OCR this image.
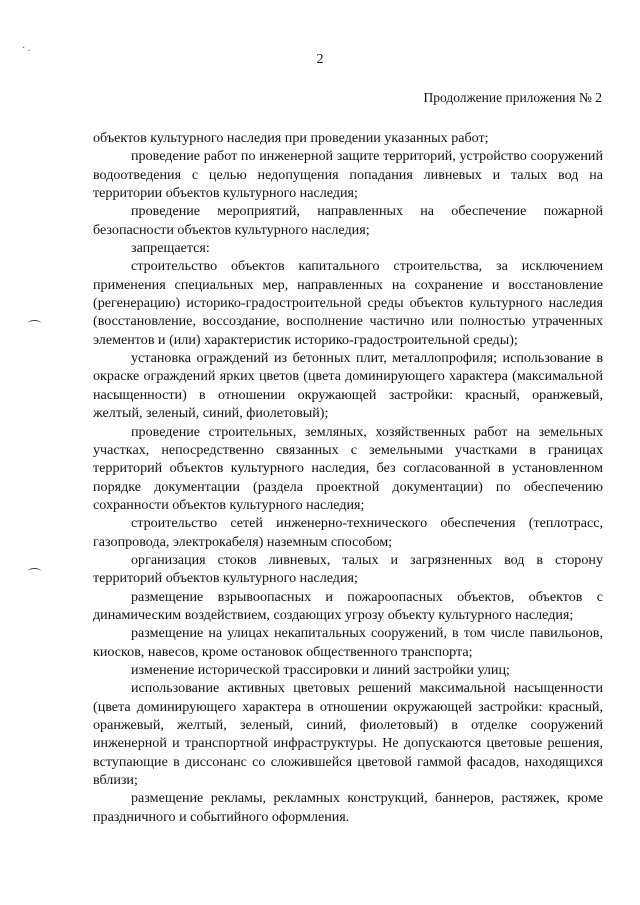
· .
2
Продолжение приложения № 2

объектов культурного наследия при проведении указанных работ;

проведение работ по инженерной защите территорий, устройство сооружений водоотведения с целью недопущения попадания ливневых и талых вод на территории объектов культурного наследия;

проведение мероприятий, направленных на обеспечение пожарной безопасности объектов культурного наследия;

запрещается:

строительство объектов капитального строительства, за исключением применения специальных мер, направленных на сохранение и восстановление (регенерацию) историко-градостроительной среды объектов культурного наследия (восстановление, воссоздание, восполнение частично или полностью утраченных элементов и (или) характеристик историко-градостроительной среды);

установка ограждений из бетонных плит, металлопрофиля; использование в окраске ограждений ярких цветов (цвета доминирующего характера (максимальной насыщенности) в отношении окружающей застройки: красный, оранжевый, желтый, зеленый, синий, фиолетовый);

проведение строительных, земляных, хозяйственных работ на земельных участках, непосредственно связанных с земельными участками в границах территорий объектов культурного наследия, без согласованной в установленном порядке документации (раздела проектной документации) по обеспечению сохранности объектов культурного наследия;

строительство сетей инженерно-технического обеспечения (теплотрасс, газопровода, электрокабеля) наземным способом;

организация стоков ливневых, талых и загрязненных вод в сторону территорий объектов культурного наследия;

размещение взрывоопасных и пожароопасных объектов, объектов с динамическим воздействием, создающих угрозу объекту культурного наследия;

размещение на улицах некапитальных сооружений, в том числе павильонов, киосков, навесов, кроме остановок общественного транспорта;

изменение исторической трассировки и линий застройки улиц;

использование активных цветовых решений максимальной насыщенности (цвета доминирующего характера в отношении окружающей застройки: красный, оранжевый, желтый, зеленый, синий, фиолетовый) в отделке сооружений инженерной и транспортной инфраструктуры. Не допускаются цветовые решения, вступающие в диссонанс со сложившейся цветовой гаммой фасадов, находящихся вблизи;

размещение рекламы, рекламных конструкций, баннеров, растяжек, кроме праздничного и событийного оформления.
